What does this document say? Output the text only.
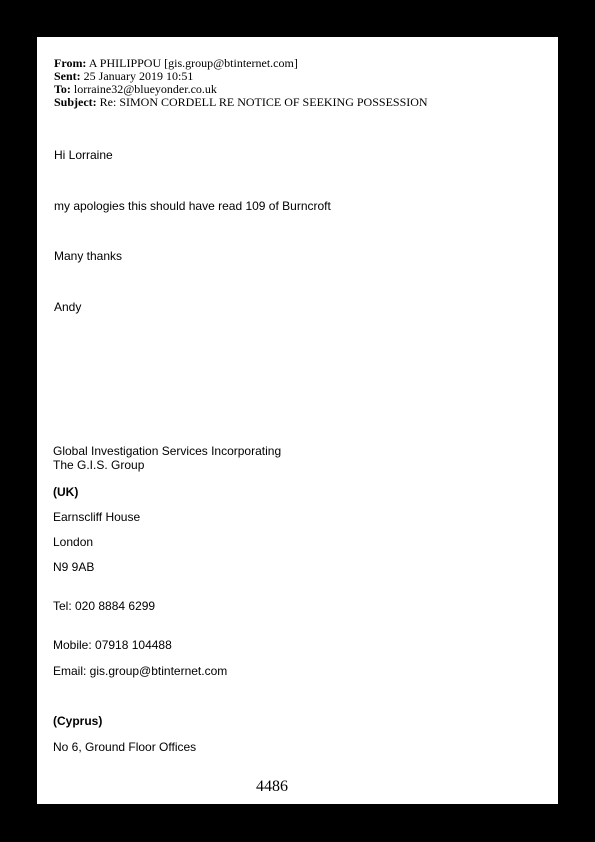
From: A PHILIPPOU [gis.group@btinternet.com]
Sent: 25 January 2019 10:51
To: lorraine32@blueyonder.co.uk
Subject: Re: SIMON CORDELL RE NOTICE OF SEEKING POSSESSION
Hi Lorraine
my apologies this should have read 109 of Burncroft
Many thanks
Andy
Global Investigation Services Incorporating
The G.I.S. Group
(UK)
Earnscliff House
London
N9 9AB
Tel: 020 8884 6299
Mobile: 07918 104488
Email: gis.group@btinternet.com
(Cyprus)
No 6, Ground Floor Offices
4486
